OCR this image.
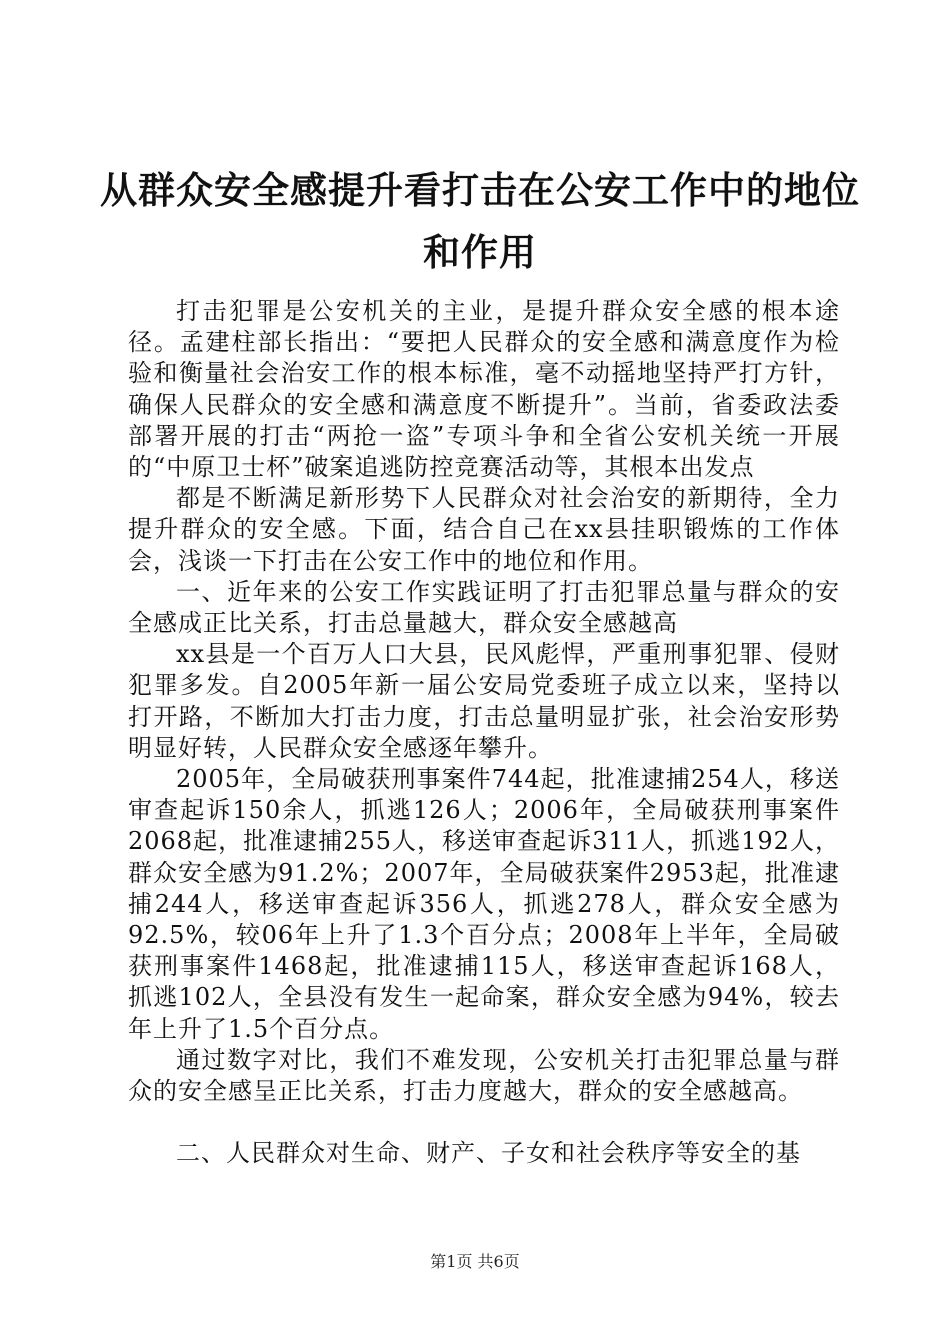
从群众安全感提升看打击在公安工作中的地位
和作用

打击犯罪是公安机关的主业，是提升群众安全感的根本途径。孟建柱部长指出：“要把人民群众的安全感和满意度作为检验和衡量社会治安工作的根本标准，毫不动摇地坚持严打方针，确保人民群众的安全感和满意度不断提升”。当前，省委政法委部署开展的打击“两抢一盗”专项斗争和全省公安机关统一开展的“中原卫士杯”破案追逃防控竞赛活动等，其根本出发点

都是不断满足新形势下人民群众对社会治安的新期待，全力提升群众的安全感。下面，结合自己在xx县挂职锻炼的工作体会，浅谈一下打击在公安工作中的地位和作用。

一、近年来的公安工作实践证明了打击犯罪总量与群众的安全感成正比关系，打击总量越大，群众安全感越高

xx县是一个百万人口大县，民风彪悍，严重刑事犯罪、侵财犯罪多发。自2005年新一届公安局党委班子成立以来，坚持以打开路，不断加大打击力度，打击总量明显扩张，社会治安形势明显好转，人民群众安全感逐年攀升。

2005年，全局破获刑事案件744起，批准逮捕254人，移送审查起诉150余人，抓逃126人；2006年，全局破获刑事案件2068起，批准逮捕255人，移送审查起诉311人，抓逃192人，群众安全感为91.2%；2007年，全局破获案件2953起，批准逮捕244人，移送审查起诉356人，抓逃278人，群众安全感为92.5%，较06年上升了1.3个百分点；2008年上半年，全局破获刑事案件1468起，批准逮捕115人，移送审查起诉168人，抓逃102人，全县没有发生一起命案，群众安全感为94%，较去年上升了1.5个百分点。

通过数字对比，我们不难发现，公安机关打击犯罪总量与群众的安全感呈正比关系，打击力度越大，群众的安全感越高。

二、人民群众对生命、财产、子女和社会秩序等安全的基

第1页 共6页
